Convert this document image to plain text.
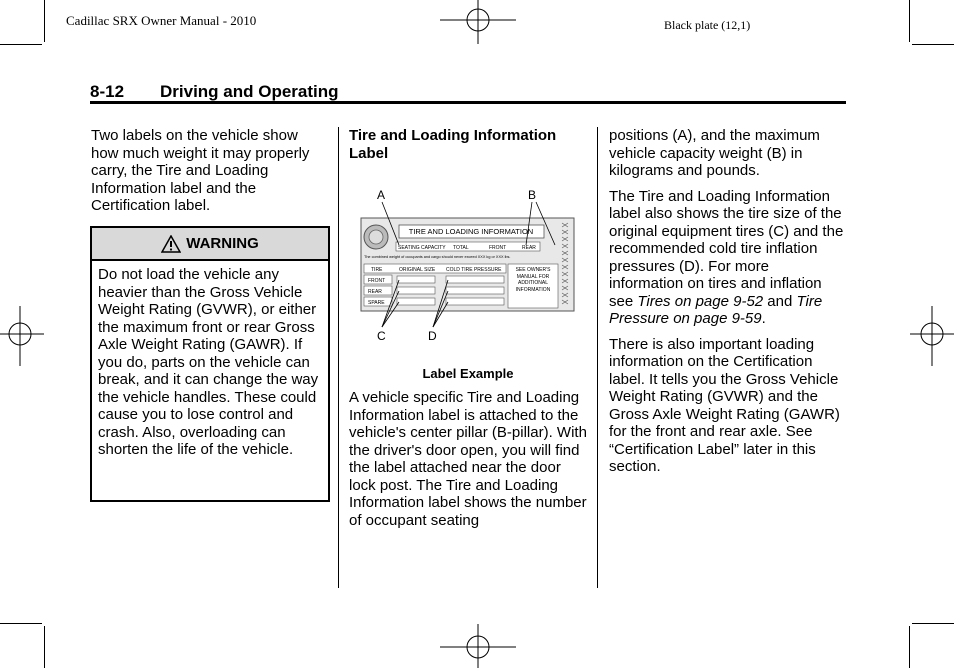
Cadillac SRX Owner Manual - 2010	Black plate (12,1)
8-12 Driving and Operating

Two labels on the vehicle show how much weight it may properly carry, the Tire and Loading Information label and the Certification label.

WARNING
Do not load the vehicle any heavier than the Gross Vehicle Weight Rating (GVWR), or either the maximum front or rear Gross Axle Weight Rating (GAWR). If you do, parts on the vehicle can break, and it can change the way the vehicle handles. These could cause you to lose control and crash. Also, overloading can shorten the life of the vehicle.

Tire and Loading Information Label

TIRE AND LOADING INFORMATION
SEATING CAPACITY TOTAL	FRONT	REAR
The combined weight of occupants and cargo should never exceed XXX kg or XXX lbs.
TIRE	ORIGINAL SIZE COLD TIRE PRESSURE
FRONT
REAR
SPARE
SEE OWNER'S MANUAL FOR ADDITIONAL INFORMATION
A	B
C	D
Label Example

A vehicle specific Tire and Loading Information label is attached to the vehicle's center pillar (B-pillar). With the driver's door open, you will find the label attached near the door lock post. The Tire and Loading Information label shows the number of occupant seating

positions (A), and the maximum vehicle capacity weight (B) in kilograms and pounds.

The Tire and Loading Information label also shows the tire size of the original equipment tires (C) and the recommended cold tire inflation pressures (D). For more information on tires and inflation see Tires on page 9-52 and Tire Pressure on page 9-59.

There is also important loading information on the Certification label. It tells you the Gross Vehicle Weight Rating (GVWR) and the Gross Axle Weight Rating (GAWR) for the front and rear axle. See “Certification Label” later in this section.
